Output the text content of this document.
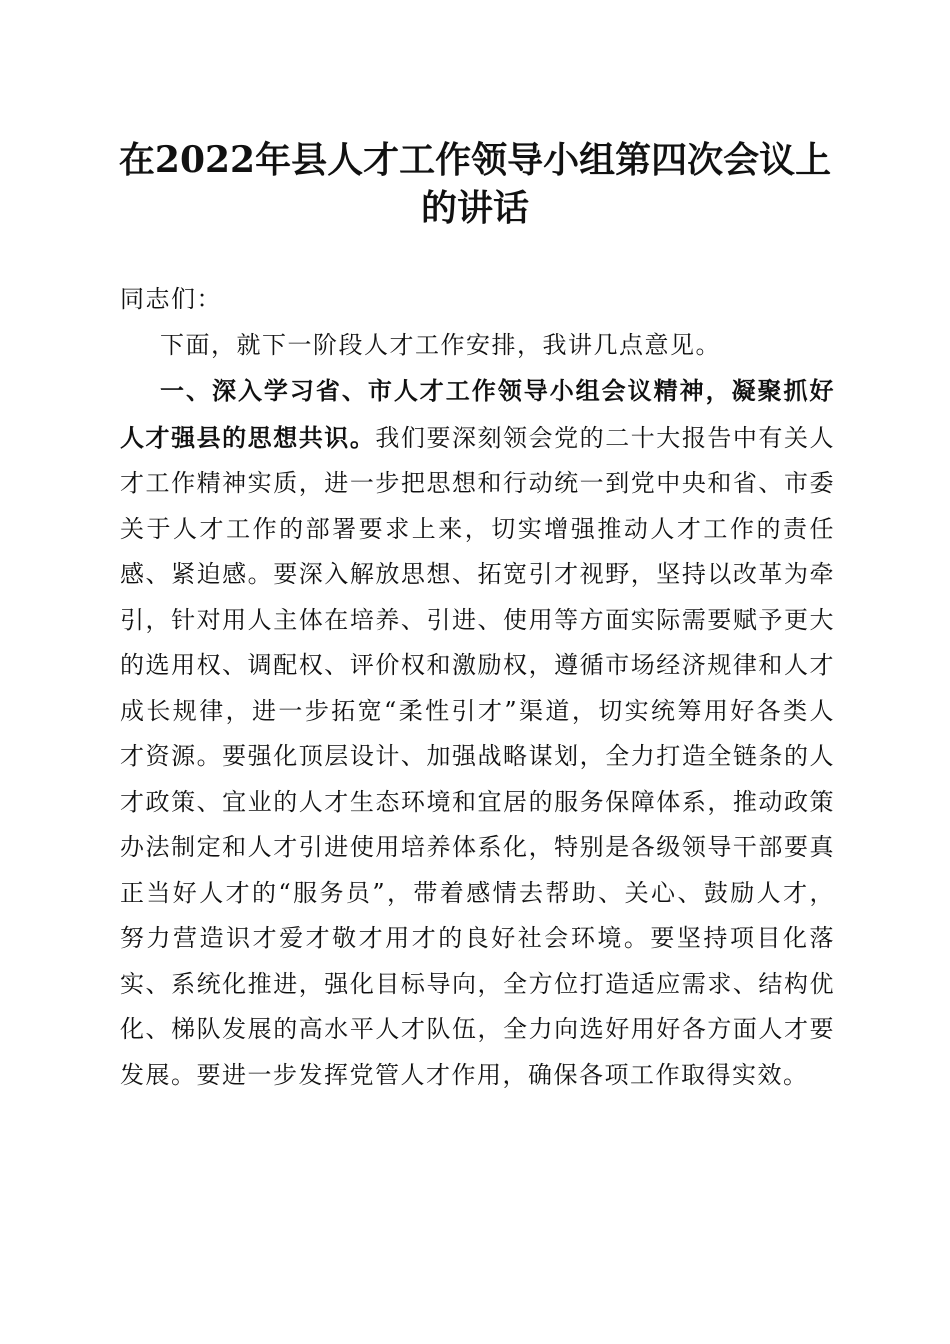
在2022年县人才工作领导小组第四次会议上
的讲话

同志们：

下面，就下一阶段人才工作安排，我讲几点意见。

一、深入学习省、市人才工作领导小组会议精神，凝聚抓好人才强县的思想共识。我们要深刻领会党的二十大报告中有关人才工作精神实质，进一步把思想和行动统一到党中央和省、市委关于人才工作的部署要求上来，切实增强推动人才工作的责任感、紧迫感。要深入解放思想、拓宽引才视野，坚持以改革为牵引，针对用人主体在培养、引进、使用等方面实际需要赋予更大的选用权、调配权、评价权和激励权，遵循市场经济规律和人才成长规律，进一步拓宽“柔性引才”渠道，切实统筹用好各类人才资源。要强化顶层设计、加强战略谋划，全力打造全链条的人才政策、宜业的人才生态环境和宜居的服务保障体系，推动政策办法制定和人才引进使用培养体系化，特别是各级领导干部要真正当好人才的“服务员”，带着感情去帮助、关心、鼓励人才，努力营造识才爱才敬才用才的良好社会环境。要坚持项目化落实、系统化推进，强化目标导向，全方位打造适应需求、结构优化、梯队发展的高水平人才队伍，全力向选好用好各方面人才要发展。要进一步发挥党管人才作用，确保各项工作取得实效。
